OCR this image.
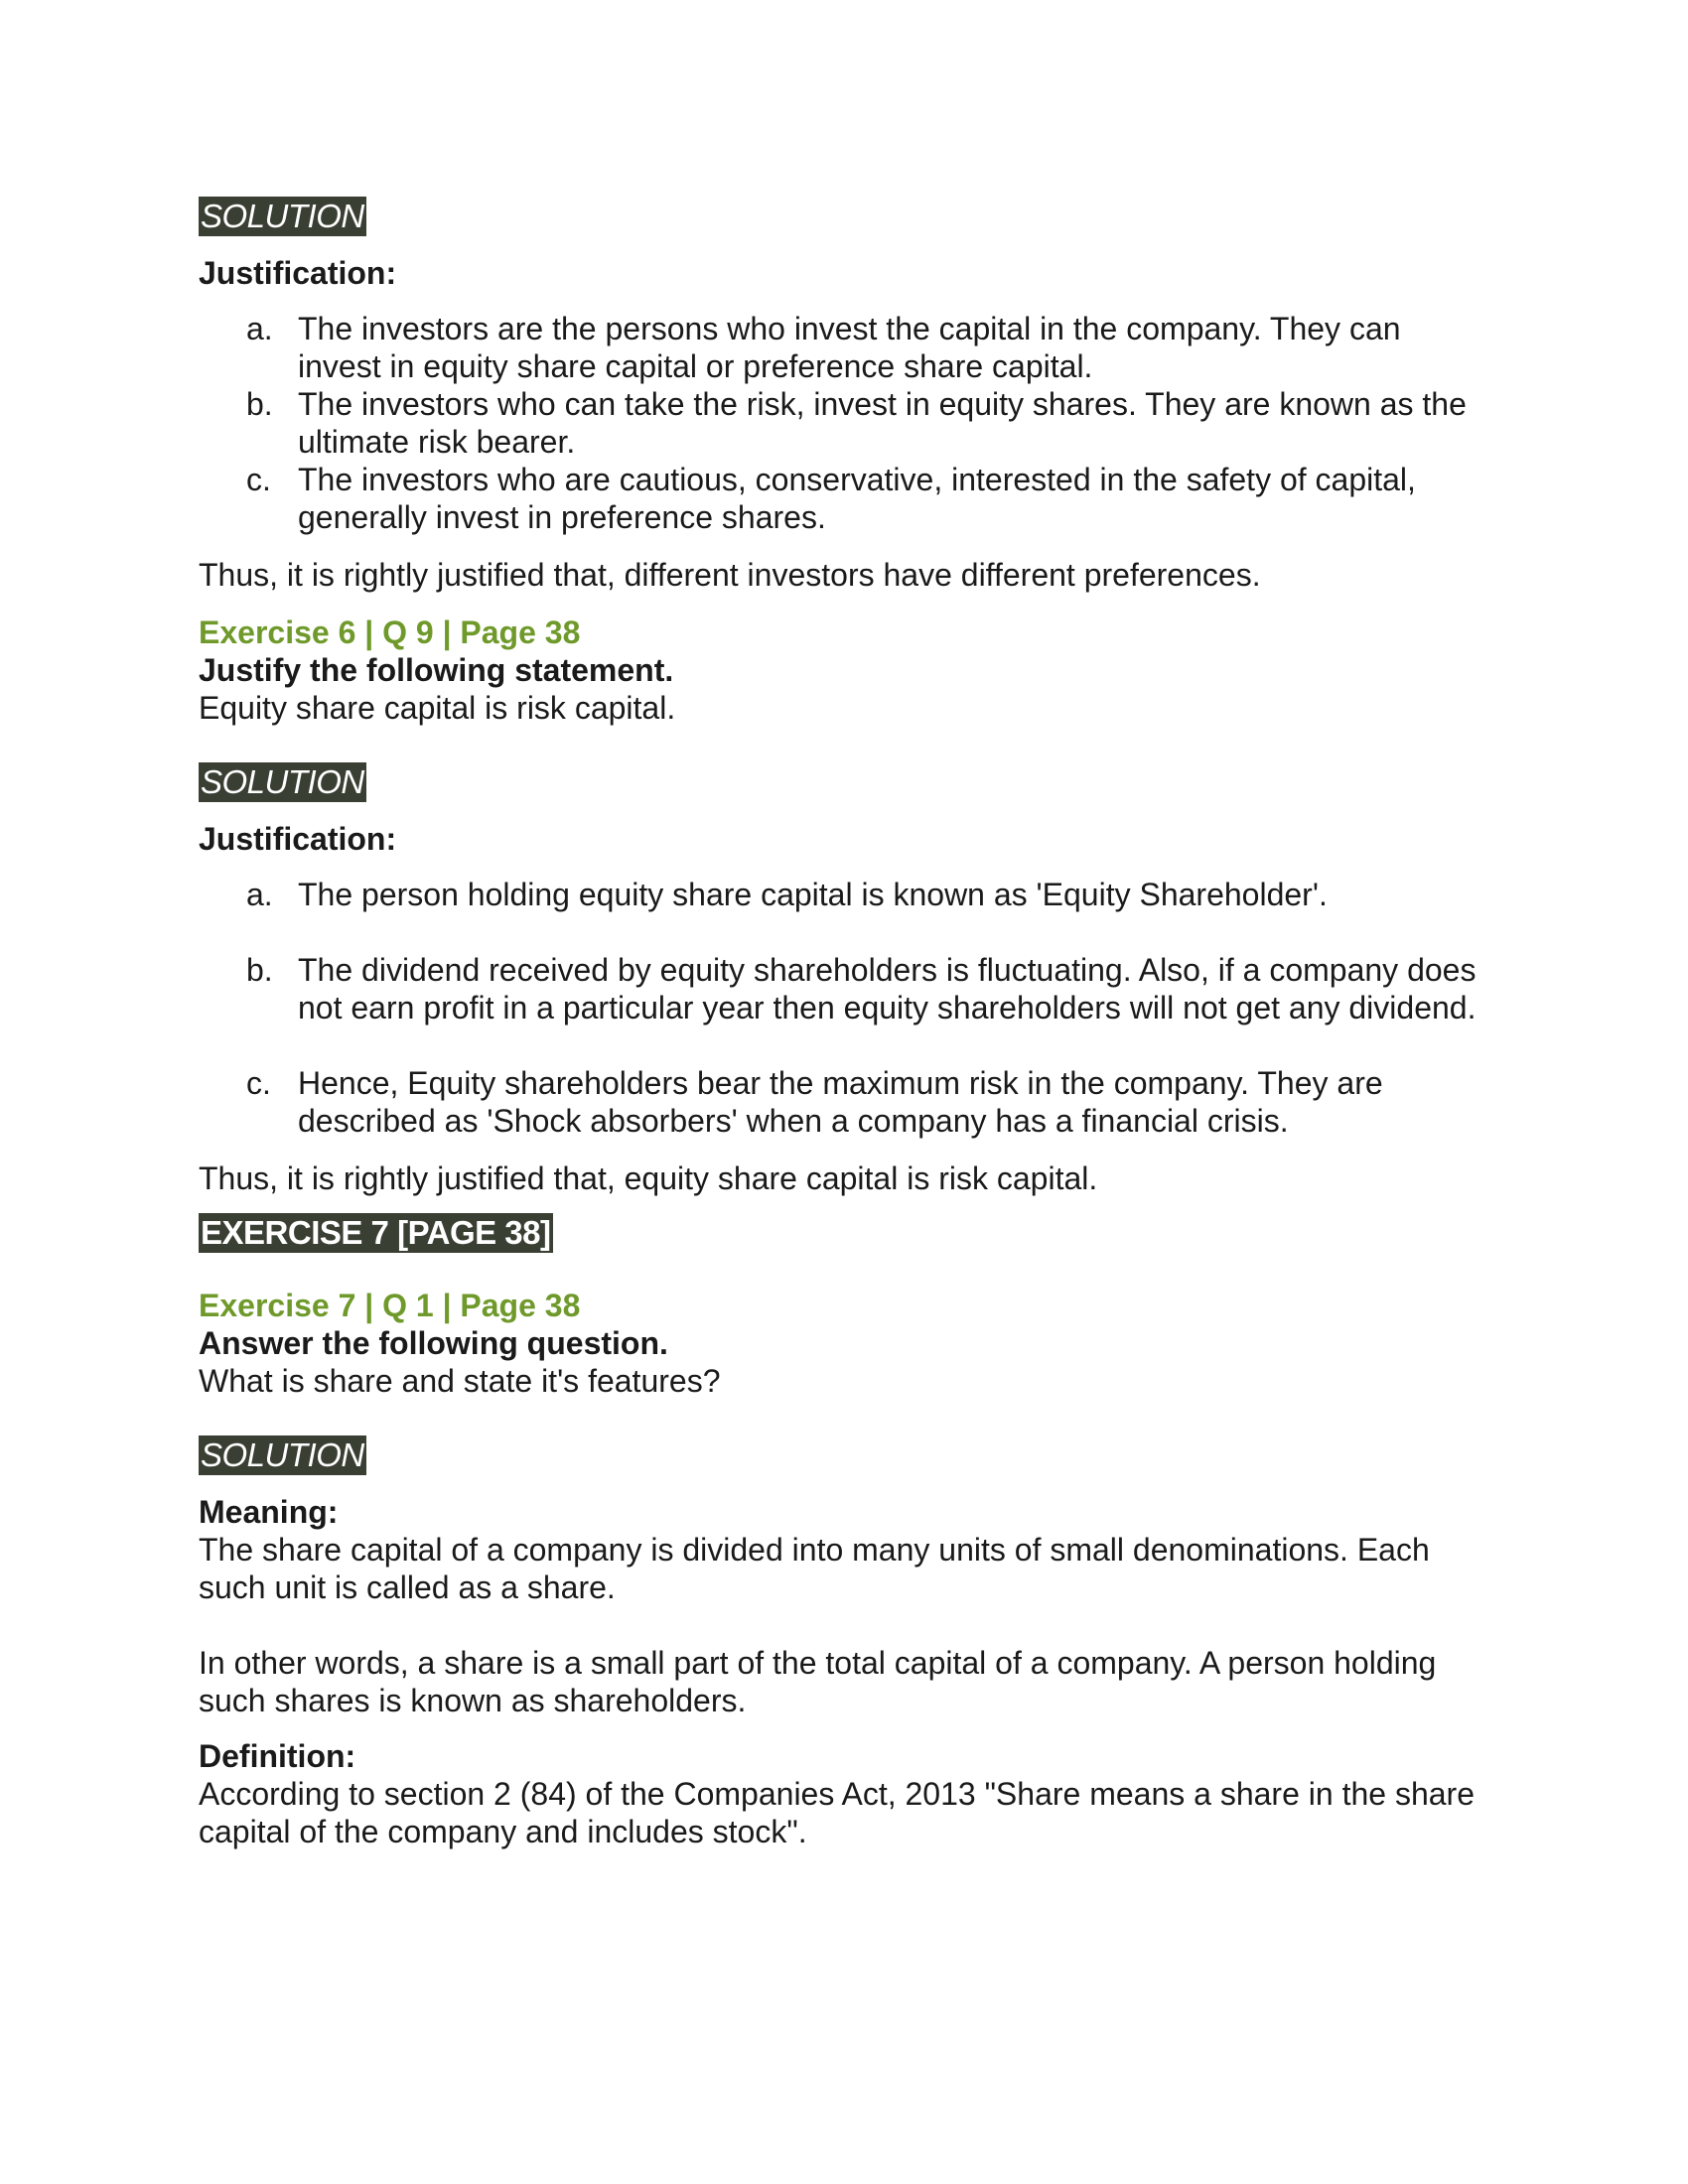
SOLUTION
Justification:
a. The investors are the persons who invest the capital in the company. They can invest in equity share capital or preference share capital.
b. The investors who can take the risk, invest in equity shares. They are known as the ultimate risk bearer.
c. The investors who are cautious, conservative, interested in the safety of capital, generally invest in preference shares.
Thus, it is rightly justified that, different investors have different preferences.
Exercise 6 | Q 9 | Page 38
Justify the following statement.
Equity share capital is risk capital.
SOLUTION
Justification:
a. The person holding equity share capital is known as 'Equity Shareholder'.
b. The dividend received by equity shareholders is fluctuating. Also, if a company does not earn profit in a particular year then equity shareholders will not get any dividend.
c. Hence, Equity shareholders bear the maximum risk in the company. They are described as 'Shock absorbers' when a company has a financial crisis.
Thus, it is rightly justified that, equity share capital is risk capital.
EXERCISE 7 [PAGE 38]
Exercise 7 | Q 1 | Page 38
Answer the following question.
What is share and state it's features?
SOLUTION
Meaning:
The share capital of a company is divided into many units of small denominations. Each such unit is called as a share.
In other words, a share is a small part of the total capital of a company. A person holding such shares is known as shareholders.
Definition:
According to section 2 (84) of the Companies Act, 2013 "Share means a share in the share capital of the company and includes stock".
